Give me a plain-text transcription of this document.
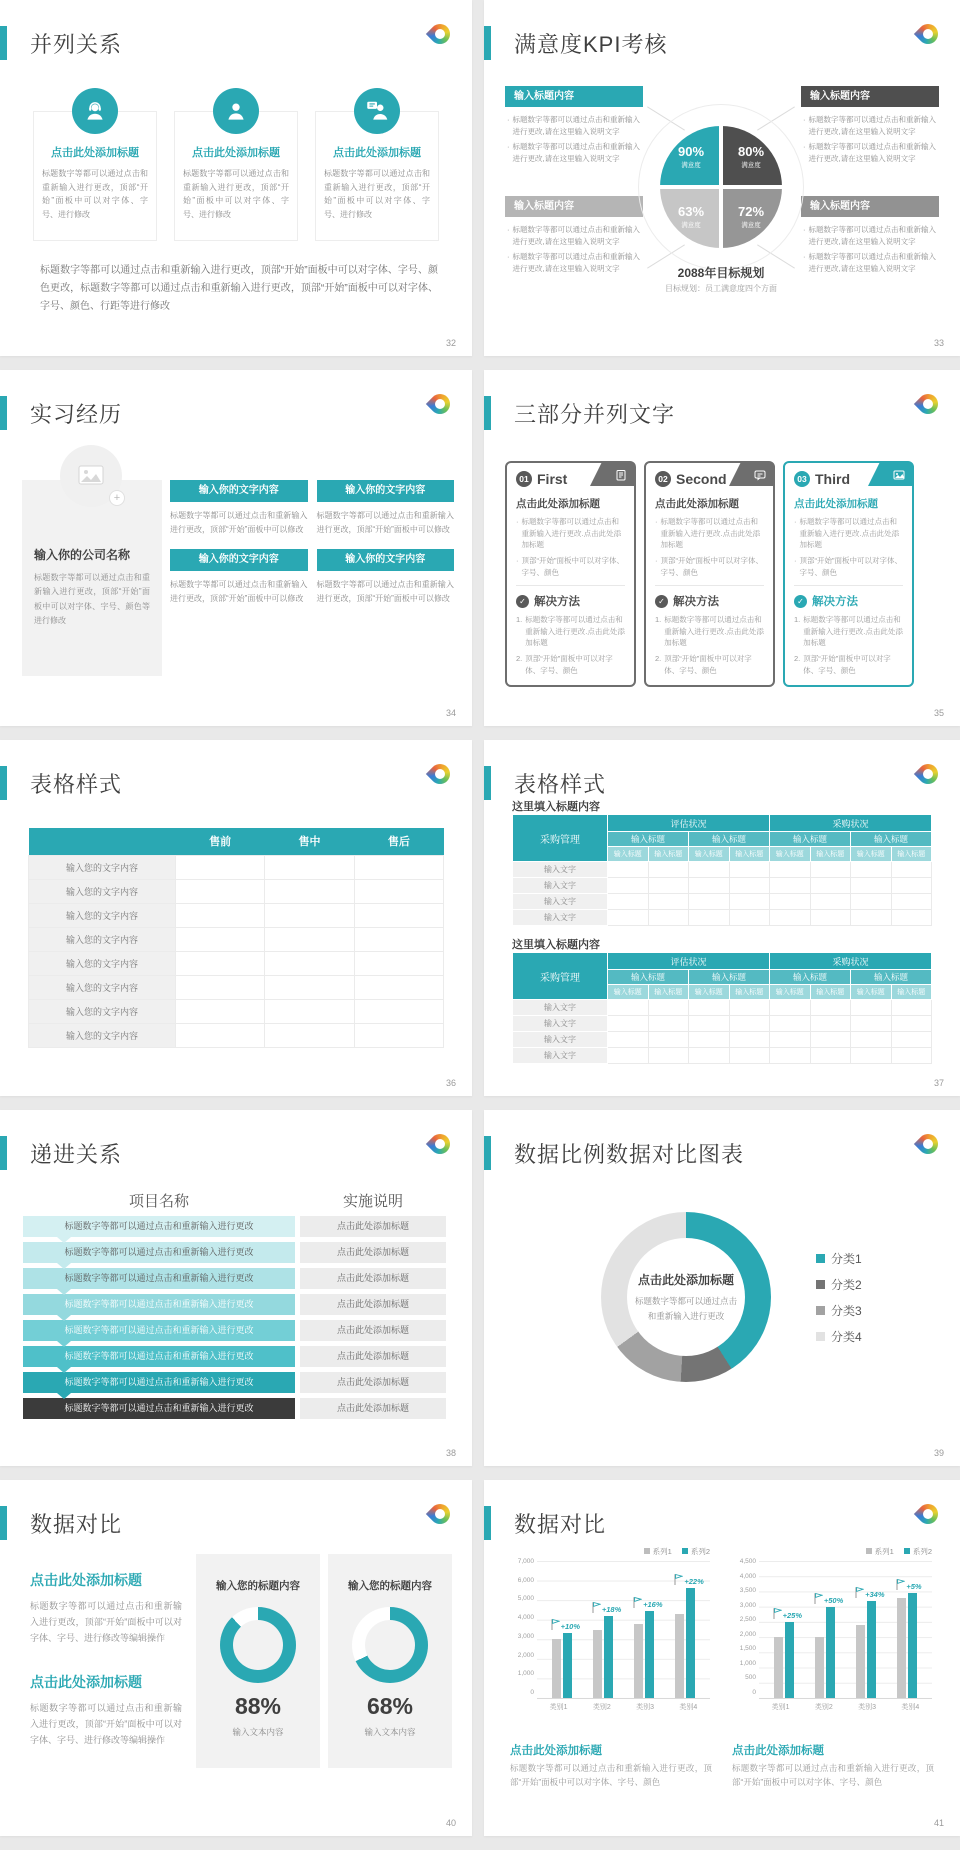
并列关系
点击此处添加标题
标题数字等都可以通过点击和重新输入进行更改，顶部“开始”面板中可以对字体、字号、进行修改
点击此处添加标题
标题数字等都可以通过点击和重新输入进行更改，顶部“开始”面板中可以对字体、字号、进行修改
点击此处添加标题
标题数字等都可以通过点击和重新输入进行更改，顶部“开始”面板中可以对字体、字号、进行修改

标题数字等都可以通过点击和重新输入进行更改，顶部“开始”面板中可以对字体、字号、颜色更改，标题数字等都可以通过点击和重新输入进行更改，顶部“开始”面板中可以对字体、字号、颜色、行距等进行修改

32
满意度KPI考核
输入标题内容
· 标题数字等都可以通过点击和重新输入进行更改,请在这里输入说明文字
· 标题数字等都可以通过点击和重新输入进行更改,请在这里输入说明文字
输入标题内容
· 标题数字等都可以通过点击和重新输入进行更改,请在这里输入说明文字
· 标题数字等都可以通过点击和重新输入进行更改,请在这里输入说明文字
输入标题内容
· 标题数字等都可以通过点击和重新输入进行更改,请在这里输入说明文字
· 标题数字等都可以通过点击和重新输入进行更改,请在这里输入说明文字
输入标题内容
· 标题数字等都可以通过点击和重新输入进行更改,请在这里输入说明文字
· 标题数字等都可以通过点击和重新输入进行更改,请在这里输入说明文字
90%
满意度
80%
满意度
63%
满意度
72%
满意度
2088年目标规划
目标规划：员工满意度四个方面
33
实习经历
+
输入你的公司名称
标题数字等都可以通过点击和重新输入进行更改，顶部“开始”面板中可以对字体、字号、颜色等进行修改
输入你的文字内容
标题数字等都可以通过点击和重新输入进行更改，顶部“开始”面板中可以修改
输入你的文字内容
标题数字等都可以通过点击和重新输入进行更改，顶部“开始”面板中可以修改
输入你的文字内容
标题数字等都可以通过点击和重新输入进行更改，顶部“开始”面板中可以修改
输入你的文字内容
标题数字等都可以通过点击和重新输入进行更改，顶部“开始”面板中可以修改
34
三部分并列文字
01 First
点击此处添加标题
· 标题数字等都可以通过点击和重新输入进行更改.点击此处添加标题
· 顶部“开始”面板中可以对字体、字号、颜色
✓ 解决方法
1. 标题数字等都可以通过点击和重新输入进行更改.点击此处添加标题
2. 顶部“开始”面板中可以对字体、字号、颜色
02 Second
点击此处添加标题
· 标题数字等都可以通过点击和重新输入进行更改.点击此处添加标题
· 顶部“开始”面板中可以对字体、字号、颜色
✓ 解决方法
1. 标题数字等都可以通过点击和重新输入进行更改.点击此处添加标题
2. 顶部“开始”面板中可以对字体、字号、颜色
03 Third
点击此处添加标题
· 标题数字等都可以通过点击和重新输入进行更改.点击此处添加标题
· 顶部“开始”面板中可以对字体、字号、颜色
✓ 解决方法
1. 标题数字等都可以通过点击和重新输入进行更改.点击此处添加标题
2. 顶部“开始”面板中可以对字体、字号、颜色
35
表格样式
	售前	售中	售后
输入您的文字内容			
输入您的文字内容			
输入您的文字内容			
输入您的文字内容			
输入您的文字内容			
输入您的文字内容			
输入您的文字内容			
输入您的文字内容			
36
表格样式
这里填入标题内容
采购管理	评估状况				采购状况			
	输入标题		输入标题		输入标题		输入标题	
	输入标题	输入标题	输入标题	输入标题	输入标题	输入标题	输入标题	输入标题
输入文字								
输入文字								
输入文字								
输入文字								
这里填入标题内容
采购管理	评估状况				采购状况			
	输入标题		输入标题		输入标题		输入标题	
	输入标题	输入标题	输入标题	输入标题	输入标题	输入标题	输入标题	输入标题
输入文字								
输入文字								
输入文字								
输入文字								
37
递进关系
项目名称	实施说明
标题数字等都可以通过点击和重新输入进行更改	点击此处添加标题
标题数字等都可以通过点击和重新输入进行更改	点击此处添加标题
标题数字等都可以通过点击和重新输入进行更改	点击此处添加标题
标题数字等都可以通过点击和重新输入进行更改	点击此处添加标题
标题数字等都可以通过点击和重新输入进行更改	点击此处添加标题
标题数字等都可以通过点击和重新输入进行更改	点击此处添加标题
标题数字等都可以通过点击和重新输入进行更改	点击此处添加标题
标题数字等都可以通过点击和重新输入进行更改	点击此处添加标题
38
数据比例数据对比图表
点击此处添加标题
标题数字等都可以通过点击和重新输入进行更改
分类1
分类2
分类3
分类4
39
数据对比
点击此处添加标题
标题数字等都可以通过点击和重新输入进行更改，顶部“开始”面板中可以对字体、字号、进行修改等编辑操作
点击此处添加标题
标题数字等都可以通过点击和重新输入进行更改，顶部“开始”面板中可以对字体、字号、进行修改等编辑操作
输入您的标题内容
88%
输入文本内容
输入您的标题内容
68%
输入文本内容
40
数据对比
系列1	系列2
7,000
6,000
5,000
4,000
3,000
2,000
1,000
0
+10%
+18%
+16%
+22%
类别1	类别2	类别3	类别4
系列1	系列2
4,500
4,000
3,500
3,000
2,500
2,000
1,500
1,000
500
0
+25%
+50%
+34%
+5%
类别1	类别2	类别3	类别4
点击此处添加标题
标题数字等都可以通过点击和重新输入进行更改，顶部“开始”面板中可以对字体、字号、颜色
点击此处添加标题
标题数字等都可以通过点击和重新输入进行更改，顶部“开始”面板中可以对字体、字号、颜色
41
